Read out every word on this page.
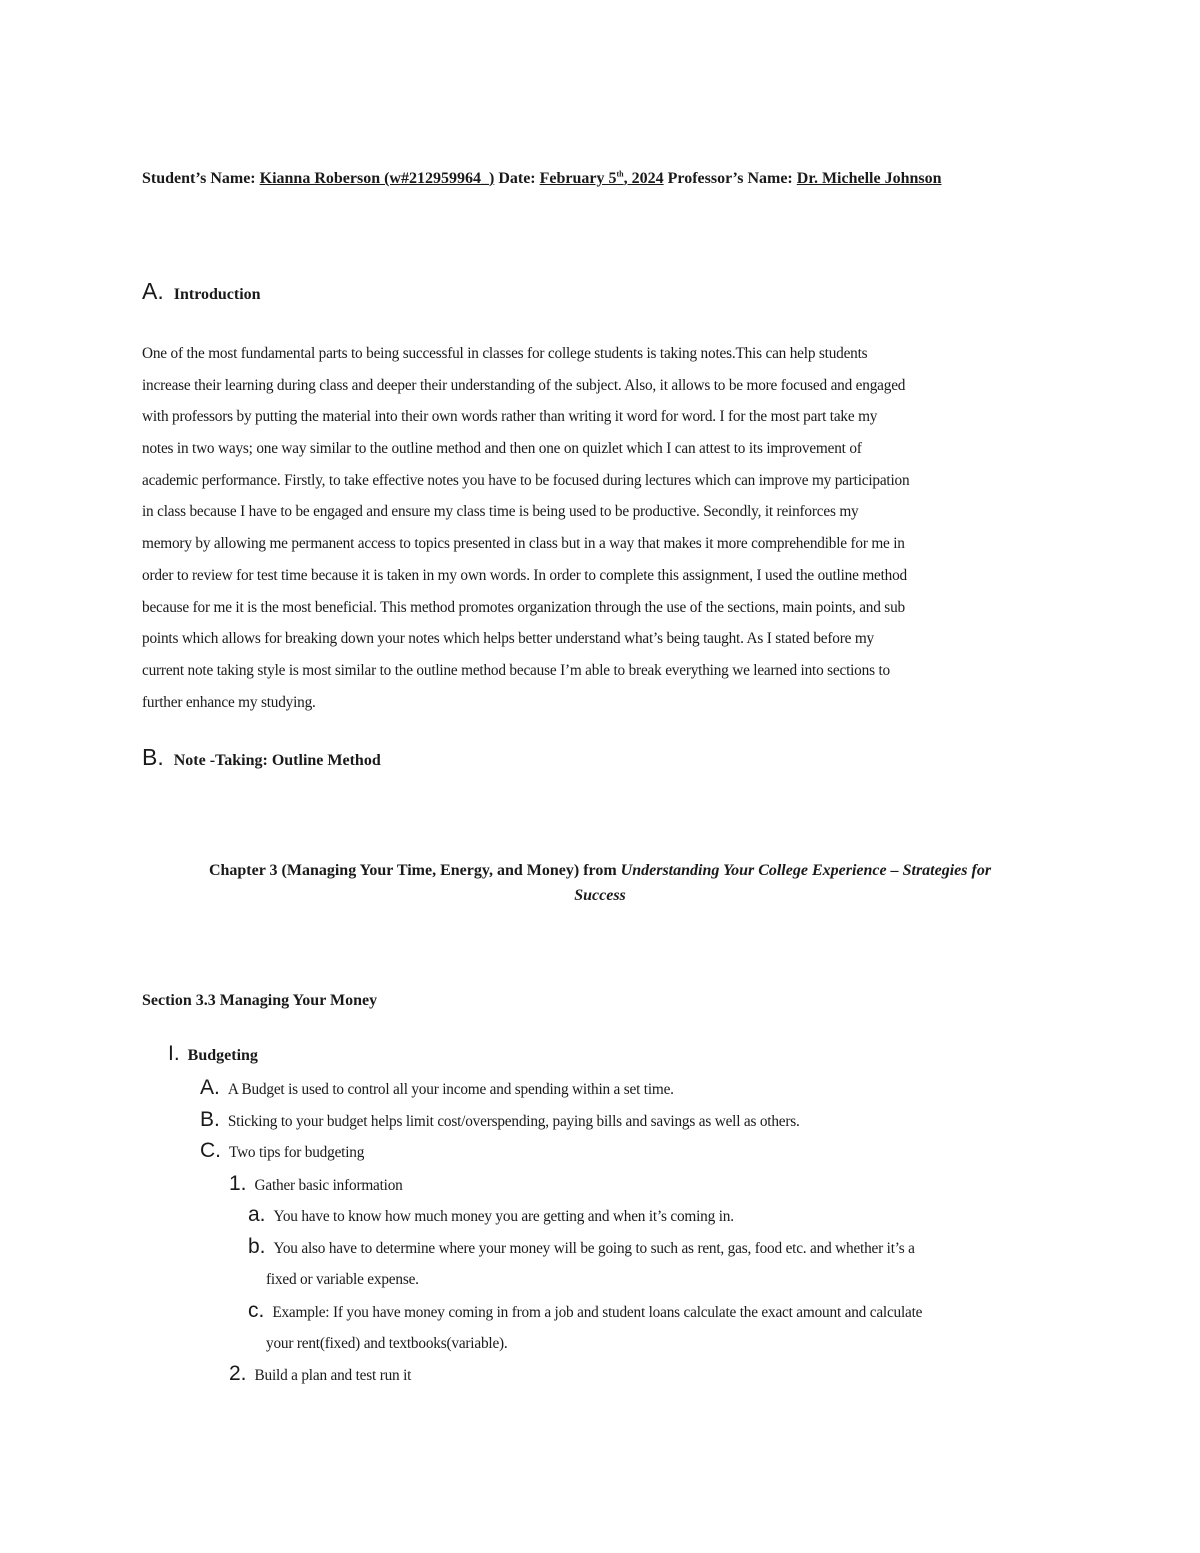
Student’s Name: Kianna Roberson (w#212959964_) Date: February 5th, 2024 Professor’s Name: Dr. Michelle Johnson
A. Introduction
One of the most fundamental parts to being successful in classes for college students is taking notes.This can help students
increase their learning during class and deeper their understanding of the subject. Also, it allows to be more focused and engaged
with professors by putting the material into their own words rather than writing it word for word. I for the most part take my
notes in two ways; one way similar to the outline method and then one on quizlet which I can attest to its improvement of
academic performance. Firstly, to take effective notes you have to be focused during lectures which can improve my participation
in class because I have to be engaged and ensure my class time is being used to be productive. Secondly, it reinforces my
memory by allowing me permanent access to topics presented in class but in a way that makes it more comprehendible for me in
order to review for test time because it is taken in my own words. In order to complete this assignment, I used the outline method
because for me it is the most beneficial. This method promotes organization through the use of the sections, main points, and sub
points which allows for breaking down your notes which helps better understand what’s being taught. As I stated before my
current note taking style is most similar to the outline method because I’m able to break everything we learned into sections to
further enhance my studying.
B. Note -Taking: Outline Method
Chapter 3 (Managing Your Time, Energy, and Money) from Understanding Your College Experience – Strategies for
Success
Section 3.3 Managing Your Money
I. Budgeting
A. A Budget is used to control all your income and spending within a set time.
B. Sticking to your budget helps limit cost/overspending, paying bills and savings as well as others.
C. Two tips for budgeting
1. Gather basic information
a. You have to know how much money you are getting and when it’s coming in.
b. You also have to determine where your money will be going to such as rent, gas, food etc. and whether it’s a
fixed or variable expense.
c. Example: If you have money coming in from a job and student loans calculate the exact amount and calculate
your rent(fixed) and textbooks(variable).
2. Build a plan and test run it
